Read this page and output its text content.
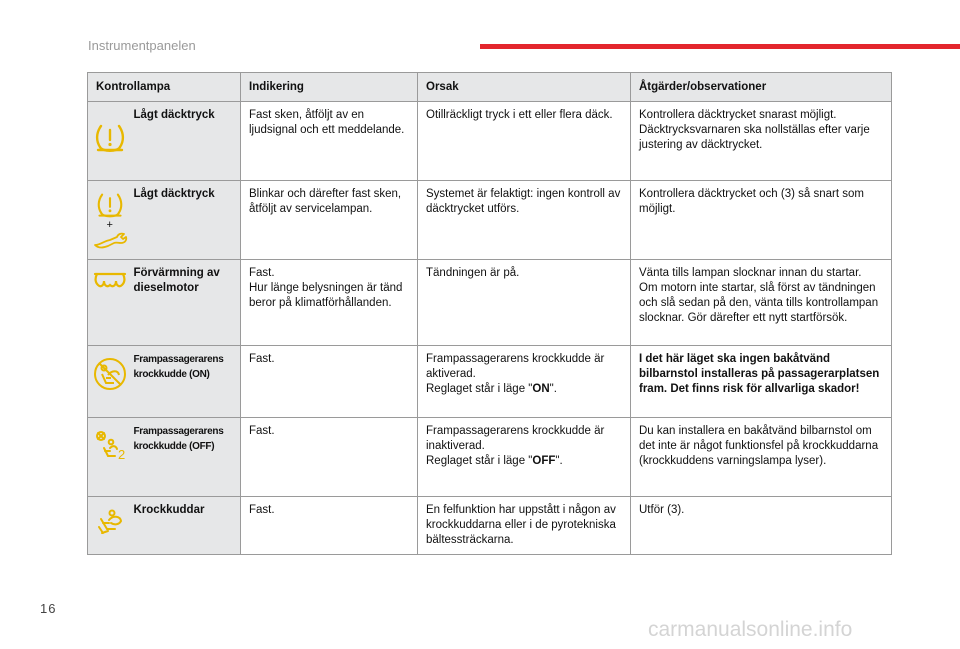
Instrumentpanelen
Kontrollampa		Indikering	Orsak	Åtgärder/observationer

	Lågt däcktryck	Fast sken, åtföljt av en ljudsignal och ett meddelande.	Otillräckligt tryck i ett eller flera däck.	Kontrollera däcktrycket snarast möjligt.
Däcktrycksvarnaren ska nollställas efter varje justering av däcktrycket.

+	Lågt däcktryck	Blinkar och därefter fast sken, åtföljt av servicelampan.	Systemet är felaktigt: ingen kontroll av däcktrycket utförs.	Kontrollera däcktrycket och (3) så snart som möjligt.

	Förvärmning av dieselmotor	Fast.
Hur länge belysningen är tänd beror på klimatförhållanden.	Tändningen är på.	Vänta tills lampan slocknar innan du startar.
Om motorn inte startar, slå först av tändningen och slå sedan på den, vänta tills kontrollampan slocknar. Gör därefter ett nytt startförsök.

	Frampassagerarens krockkudde (ON)	Fast.	Frampassagerarens krockkudde är aktiverad.
Reglaget står i läge "ON".	I det här läget ska ingen bakåtvänd bilbarnstol installeras på passagerarplatsen fram. Det finns risk för allvarliga skador!

2	Frampassagerarens krockkudde (OFF)	Fast.	Frampassagerarens krockkudde är inaktiverad.
Reglaget står i läge "OFF".	Du kan installera en bakåtvänd bilbarnstol om det inte är något funktionsfel på krockkuddarna (krockkuddens varningslampa lyser).

	Krockkuddar	Fast.	En felfunktion har uppstått i någon av krockkuddarna eller i de pyrotekniska bältessträckarna.	Utför (3).
16
carmanualsonline.info
